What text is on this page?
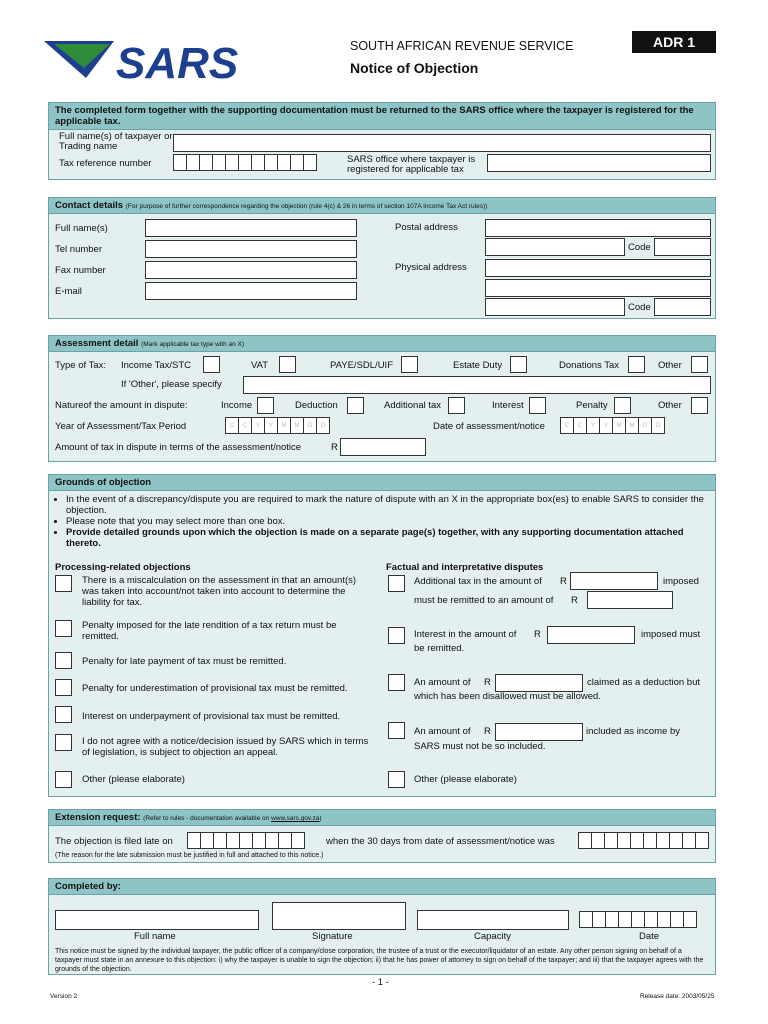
SARS	SOUTH AFRICAN REVENUE SERVICE
Notice of Objection
ADR 1
The completed form together with the supporting documentation must be returned to the SARS office where the taxpayer is registered for the applicable tax.
Full name(s) of taxpayer or Trading name
Tax reference number	SARS office where taxpayer is registered for applicable tax
Contact details (For purpose of further correspondence regarding the objection (rule 4(c) & 26 in terms of section 107A Income Tax Act rules))
Full name(s)
Tel number
Fax number
E-mail
Postal address
Code
Physical address
Code
Assessment detail (Mark applicable tax type with an X)
Type of Tax: Income Tax/STC	VAT	PAYE/SDL/UIF	Estate Duty	Donations Tax	Other
If 'Other', please specify
Natureof the amount in dispute:	Income	Deduction	Additional tax	Interest	Penalty	Other
Year of Assessment/Tax Period	C	C	Y	Y	M	M	D	D	Date of assessment/notice	C	C	Y	Y	M	M	D	D
Amount of tax in dispute in terms of the assessment/notice	R
Grounds of objection
• In the event of a discrepancy/dispute you are required to mark the nature of dispute with an X in the appropriate box(es) to enable SARS to consider the objection.
• Please note that you may select more than one box.
• Provide detailed grounds upon which the objection is made on a separate page(s) together, with any supporting documentation attached thereto.
Processing-related objections	Factual and interpretative disputes
There is a miscalculation on the assessment in that an amount(s) was taken into account/not taken into account to determine the liability for tax.
Penalty imposed for the late rendition of a tax return must be remitted.
Penalty for late payment of tax must be remitted.
Penalty for underestimation of provisional tax must be remitted.
Interest on underpayment of provisional tax must be remitted.
I do not agree with a notice/decision issued by SARS which in terms of legislation, is subject to objection an appeal.
Other (please elaborate)
Additional tax in the amount of R	imposed
must be remitted to an amount of R
Interest in the amount of R	imposed must
be remitted.
An amount of R	claimed as a deduction but
which has been disallowed must be allowed.
An amount of R	included as income by
SARS must not be so included.
Other (please elaborate)
Extension request: (Refer to rules - documentation available on www.sars.gov.za)
The objection is filed late on	when the 30 days from date of assessment/notice was
(The reason for the late submission must be justified in full and attached to this notice.)
Completed by:
Full name	Signature	Capacity	Date
This notice must be signed by the individual taxpayer, the public officer of a company/close corporation, the trustee of a trust or the executor/liquidator of an estate. Any other person signing on behalf of a taxpayer must state in an annexure to this objection: i) why the taxpayer is unable to sign the objection; ii) that he has power of attorney to sign on behalf of the taxpayer; and iii) that the taxpayer agrees with the grounds of the objection.
- 1 -
Version 2	Release date: 2003/05/25
